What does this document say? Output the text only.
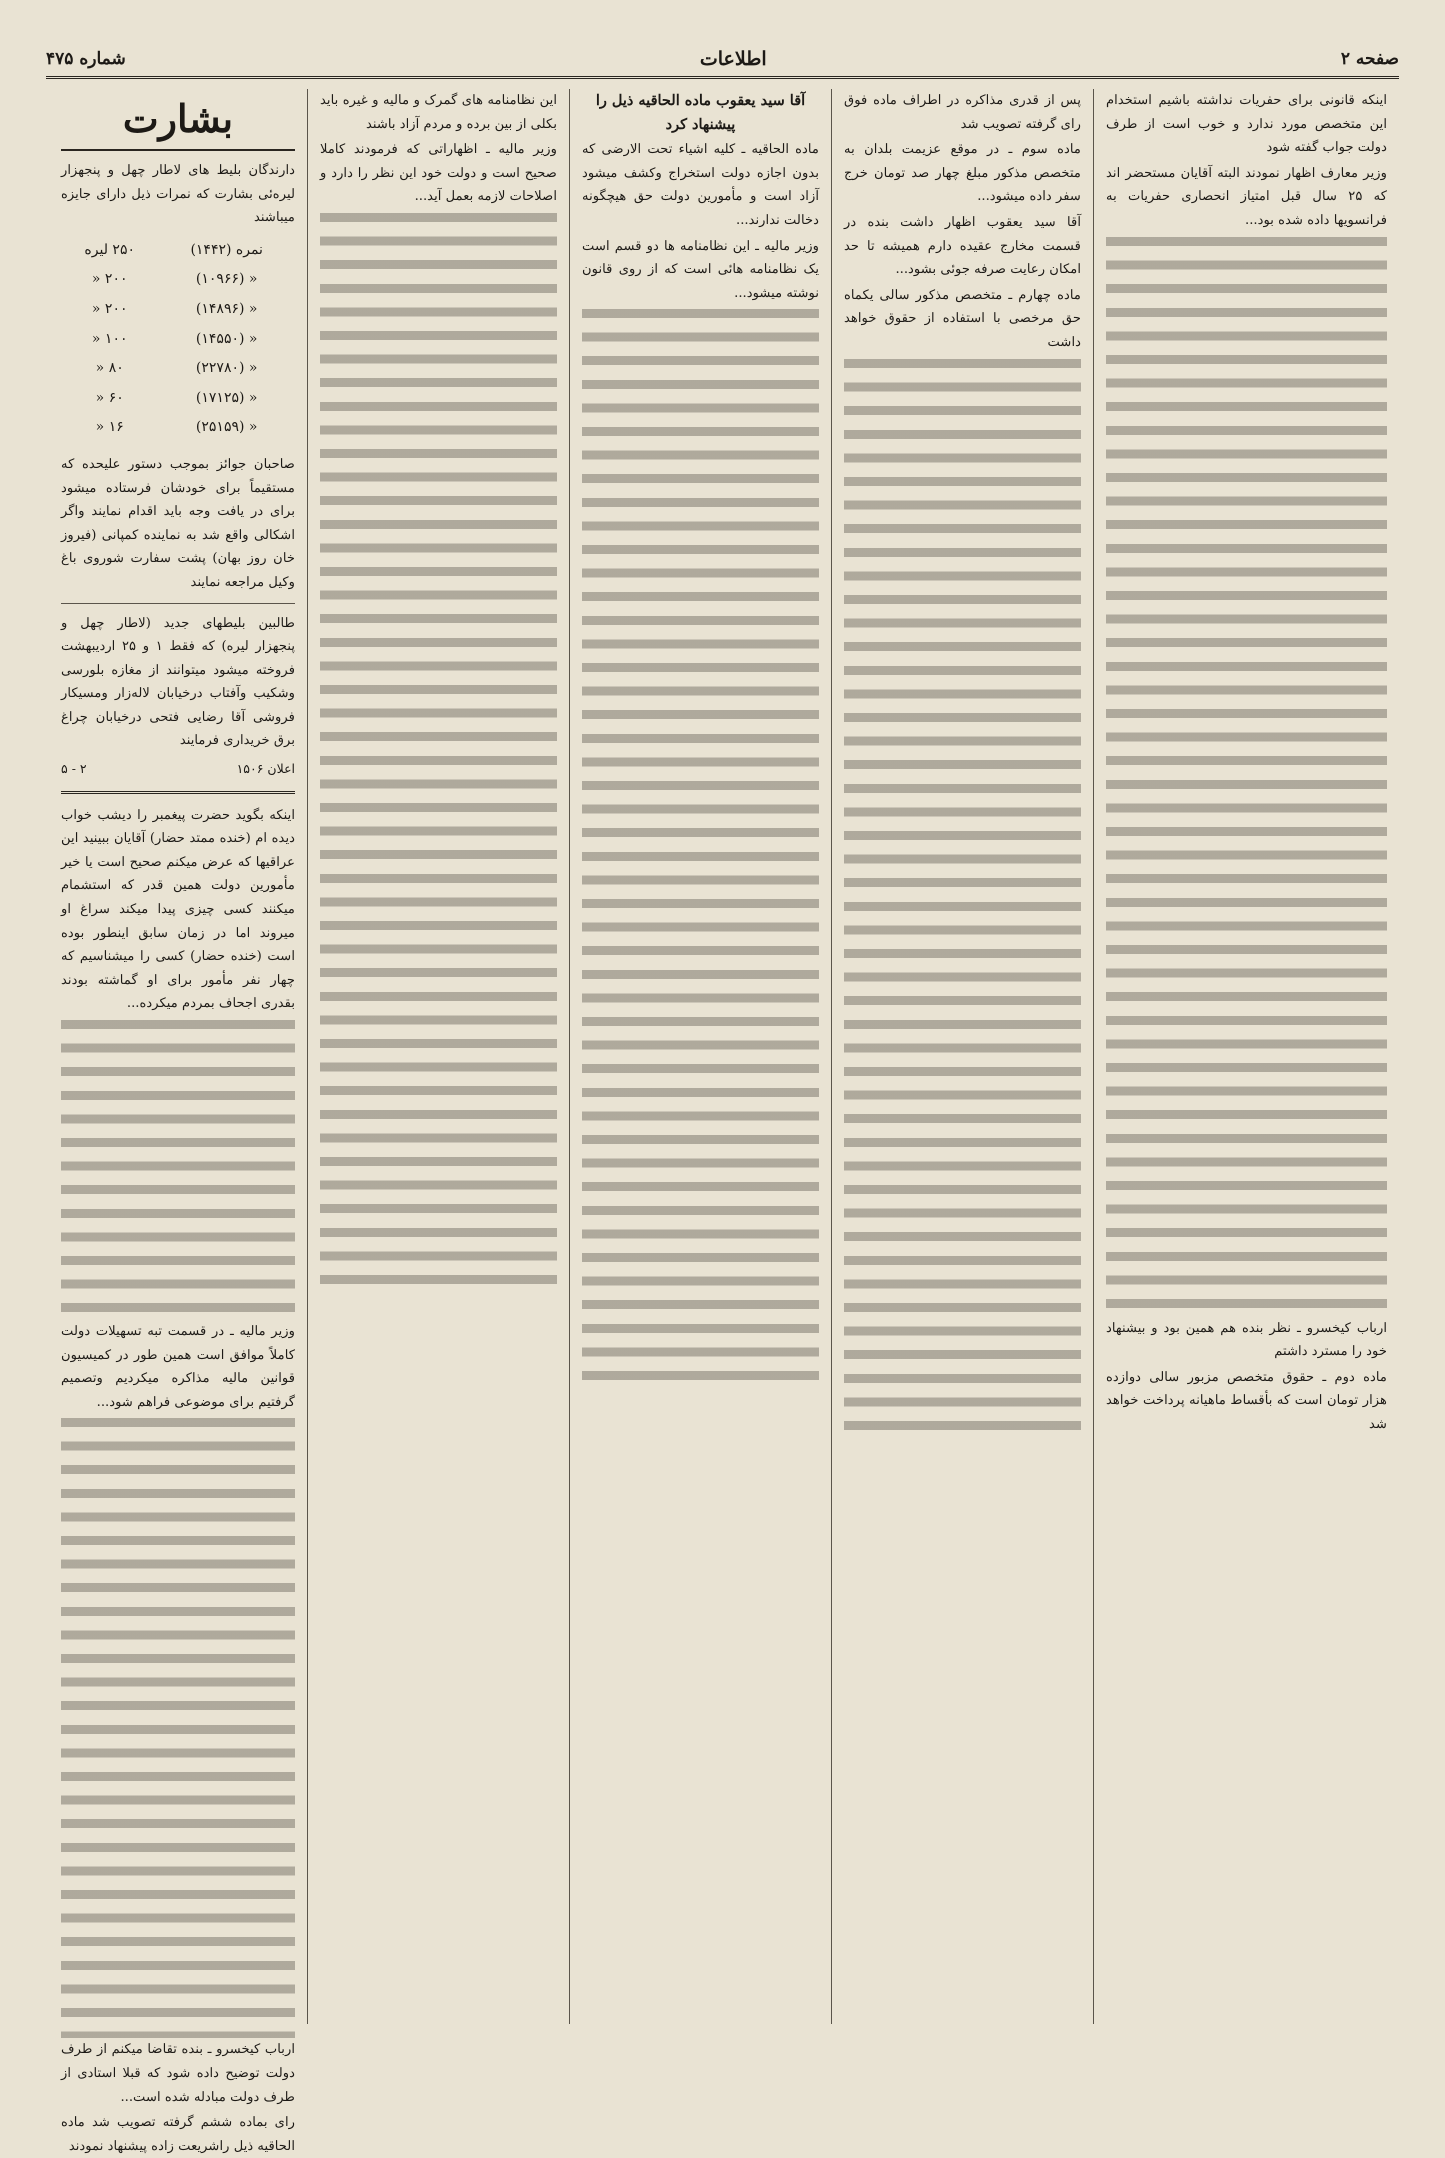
صفحه ۲
اطلاعات
شماره ۴۷۵

اینکه قانونی برای حفریات نداشته باشیم استخدام این متخصص مورد ندارد و خوب است از طرف دولت جواب گفته شود

وزیر معارف اظهار نمودند البته آقایان مستحضر اند که ۲۵ سال قبل امتیاز انحصاری حفریات به فرانسویها داده شده بود...

ارباب کیخسرو ـ نظر بنده هم همین بود و بیشنهاد خود را مسترد داشتم

ماده دوم ـ حقوق متخصص مزبور سالی دوازده هزار تومان است که بأقساط ماهیانه پرداخت خواهد شد

پس از قدری مذاکره در اطراف ماده فوق رای گرفته تصویب شد

ماده سوم ـ در موقع عزیمت بلدان به متخصص مذکور مبلغ چهار صد تومان خرج سفر داده میشود...

آقا سید یعقوب اظهار داشت بنده در قسمت مخارج عقیده دارم همیشه تا حد امکان رعایت صرفه جوئی بشود...

ماده چهارم ـ متخصص مذکور سالی یکماه حق مرخصی با استفاده از حقوق خواهد داشت

آقا سید یعقوب ماده الحاقیه ذیل را پیشنهاد کرد

ماده الحاقیه ـ کلیه اشیاء تحت الارضی که بدون اجازه دولت استخراج وکشف میشود آزاد است و مأمورین دولت حق هیچگونه دخالت ندارند...

وزیر مالیه ـ این نظامنامه ها دو قسم است یک نظامنامه هائی است که از روی قانون نوشته میشود...

این نظامنامه های گمرک و مالیه و غیره باید بکلی از بین برده و مردم آزاد باشند

وزیر مالیه ـ اظهاراتی که فرمودند کاملا صحیح است و دولت خود این نظر را دارد و اصلاحات لازمه بعمل آید...

بشارت

دارندگان بلیط های لاطار چهل و پنجهزار لیره‌ئی بشارت که نمرات ذیل دارای جایزه میباشند

نمره (۱۴۴۲)	۲۵۰ لیره
« (۱۰۹۶۶)	۲۰۰ «
« (۱۴۸۹۶)	۲۰۰ «
« (۱۴۵۵۰)	۱۰۰ «
« (۲۲۷۸۰)	۸۰ «
« (۱۷۱۲۵)	۶۰ «
« (۲۵۱۵۹)	۱۶ «

صاحبان جوائز بموجب دستور علیحده که مستقیماً برای خودشان فرستاده میشود برای در یافت وجه باید اقدام نمایند واگر اشکالی واقع شد به نماینده کمپانی (فیروز خان روز بهان) پشت سفارت شوروی باغ وکیل مراجعه نمایند

طالبین بلیطهای جدید (لاطار چهل و پنجهزار لیره) که فقط ۱ و ۲۵ اردیبهشت فروخته میشود میتوانند از مغازه بلورسی وشکیب وآفتاب درخیابان لاله‌زار ومسیکار فروشی آقا رضایی فتحی درخیابان چراغ برق خریداری فرمایند

اعلان ۱۵۰۶
۲ - ۵

اینکه بگوید حضرت پیغمبر را دیشب خواب دیده ام (خنده ممتد حضار) آقایان ببینید این عراقیها که عرض میکنم صحیح است یا خیر مأمورین دولت همین قدر که استشمام میکنند کسی چیزی پیدا میکند سراغ او میروند اما در زمان سابق اینطور بوده است (خنده حضار) کسی را میشناسیم که چهار نفر مأمور برای او گماشته بودند بقدری اجحاف بمردم میکرده...

وزیر مالیه ـ در قسمت تبه تسهیلات دولت کاملاً موافق است همین طور در کمیسیون قوانین مالیه مذاکره میکردیم وتصمیم گرفتیم برای موضوعی فراهم شود...

ارباب کیخسرو ـ بنده تقاضا میکنم از طرف دولت توضیح داده شود که قبلا استادی از طرف دولت مبادله شده است...

رای بماده ششم گرفته تصویب شد ماده الحاقیه ذیل راشریعت زاده پیشنهاد نمودند
